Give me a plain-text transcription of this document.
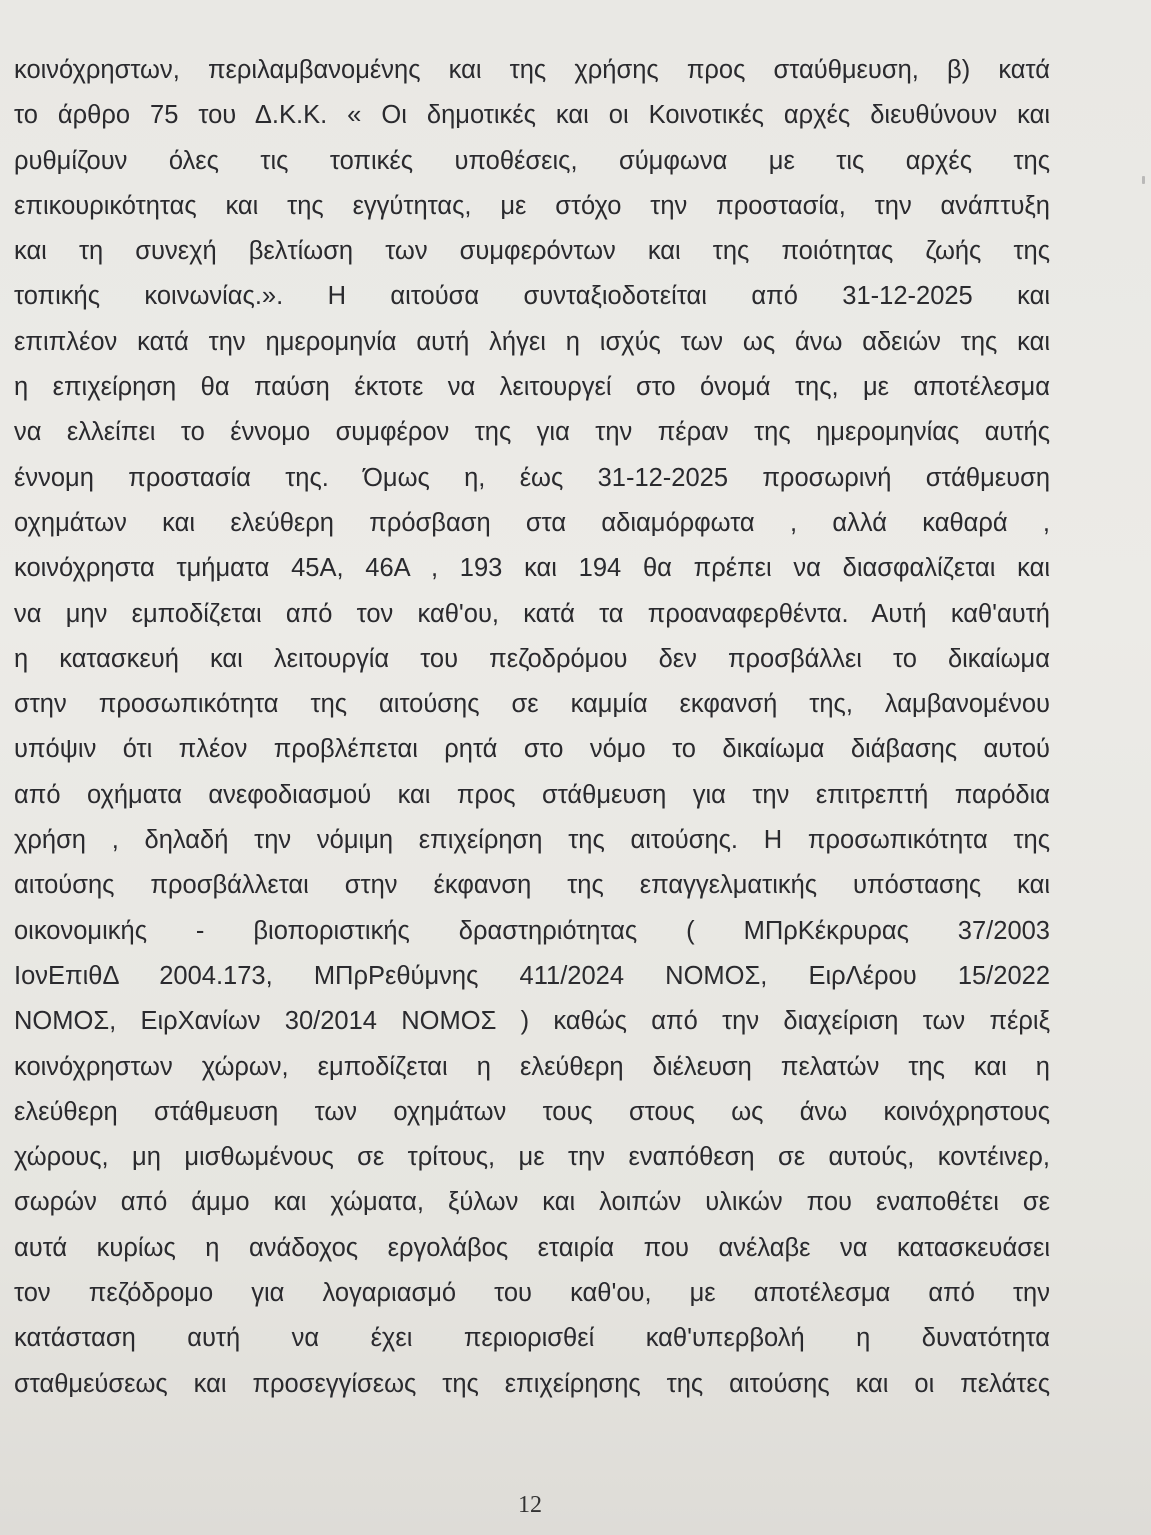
κοινόχρηστων, περιλαμβανομένης και της χρήσης προς σταύθμευση, β) κατά
το άρθρο 75 του Δ.Κ.Κ. « Οι δημοτικές και οι Κοινοτικές αρχές διευθύνουν και
ρυθμίζουν όλες τις τοπικές υποθέσεις, σύμφωνα με τις αρχές της
επικουρικότητας και της εγγύτητας, με στόχο την προστασία, την ανάπτυξη
και τη συνεχή βελτίωση των συμφερόντων και της ποιότητας ζωής της
τοπικής κοινωνίας.». Η αιτούσα συνταξιοδοτείται από 31-12-2025 και
επιπλέον κατά την ημερομηνία αυτή λήγει η ισχύς των ως άνω αδειών της και
η επιχείρηση θα παύση έκτοτε να λειτουργεί στο όνομά της, με αποτέλεσμα
να ελλείπει το έννομο συμφέρον της για την πέραν της ημερομηνίας αυτής
έννομη προστασία της. Όμως η, έως 31-12-2025 προσωρινή στάθμευση
οχημάτων και ελεύθερη πρόσβαση στα αδιαμόρφωτα , αλλά καθαρά ,
κοινόχρηστα τμήματα 45Α, 46Α , 193 και 194 θα πρέπει να διασφαλίζεται και
να μην εμποδίζεται από τον καθ'ου, κατά τα προαναφερθέντα. Αυτή καθ'αυτή
η κατασκευή και λειτουργία του πεζοδρόμου δεν προσβάλλει το δικαίωμα
στην προσωπικότητα της αιτούσης σε καμμία εκφανσή της, λαμβανομένου
υπόψιν ότι πλέον προβλέπεται ρητά στο νόμο το δικαίωμα διάβασης αυτού
από οχήματα ανεφοδιασμού και προς στάθμευση για την επιτρεπτή παρόδια
χρήση , δηλαδή την νόμιμη επιχείρηση της αιτούσης. Η προσωπικότητα της
αιτούσης προσβάλλεται στην έκφανση της επαγγελματικής υπόστασης και
οικονομικής - βιοποριστικής δραστηριότητας ( ΜΠρΚέκρυρας 37/2003
ΙονΕπιθΔ 2004.173, ΜΠρΡεθύμνης 411/2024 ΝΟΜΟΣ, ΕιρΛέρου 15/2022
ΝΟΜΟΣ, ΕιρΧανίων 30/2014 ΝΟΜΟΣ ) καθώς από την διαχείριση των πέριξ
κοινόχρηστων χώρων, εμποδίζεται η ελεύθερη διέλευση πελατών της και η
ελεύθερη στάθμευση των οχημάτων τους στους ως άνω κοινόχρηστους
χώρους, μη μισθωμένους σε τρίτους, με την εναπόθεση σε αυτούς, κοντέινερ,
σωρών από άμμο και χώματα, ξύλων και λοιπών υλικών που εναποθέτει σε
αυτά κυρίως η ανάδοχος εργολάβος εταιρία που ανέλαβε να κατασκευάσει
τον πεζόδρομο για λογαριασμό του καθ'ου, με αποτέλεσμα από την
κατάσταση αυτή να έχει περιορισθεί καθ'υπερβολή η δυνατότητα
σταθμεύσεως και προσεγγίσεως της επιχείρησης της αιτούσης και οι πελάτες
12
